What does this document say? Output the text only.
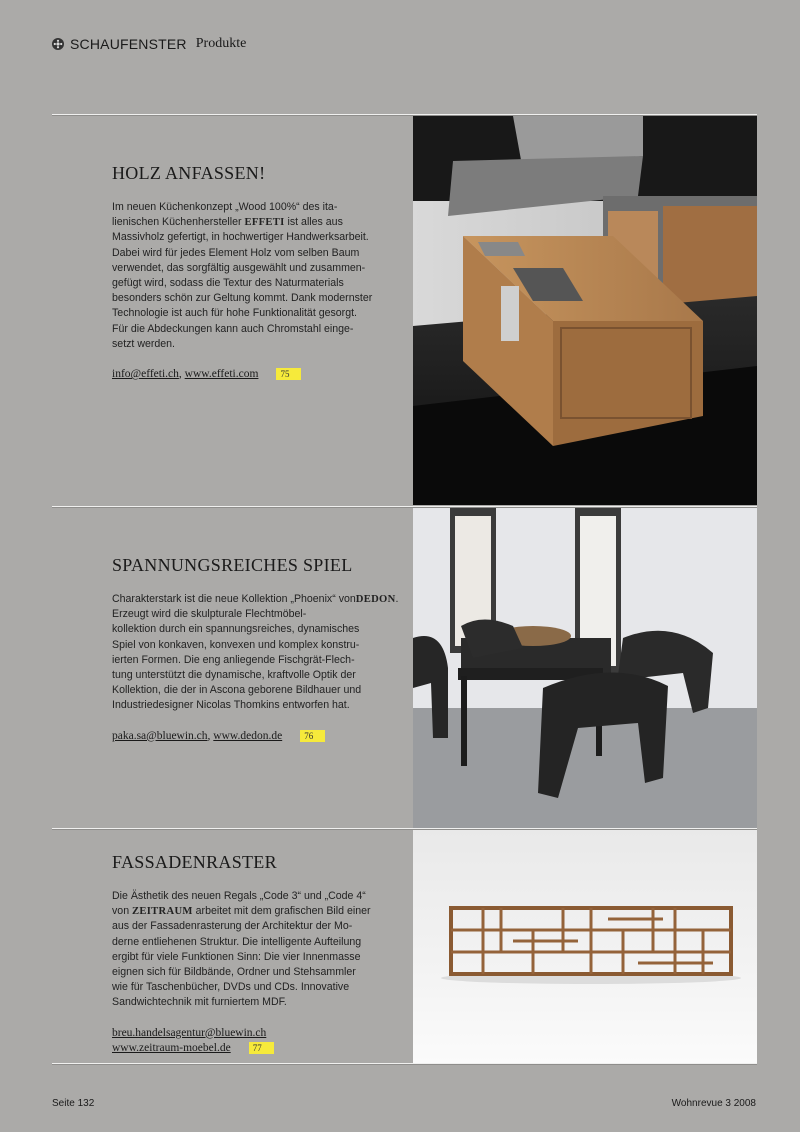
SCHAUFENSTER Produkte
HOLZ ANFASSEN!

Im neuen Küchenkonzept „Wood 100%“ des ita-
lienischen Küchenhersteller EFFETI ist alles aus
Massivholz gefertigt, in hochwertiger Handwerksarbeit.
Dabei wird für jedes Element Holz vom selben Baum
verwendet, das sorgfältig ausgewählt und zusammen-
gefügt wird, sodass die Textur des Naturmaterials
besonders schön zur Geltung kommt. Dank modernster
Technologie ist auch für hohe Funktionalität gesorgt.
Für die Abdeckungen kann auch Chromstahl einge-
setzt werden.

info@effeti.ch, www.effeti.com 75
SPANNUNGSREICHES SPIEL

Charakterstark ist die neue Kollektion „Phoenix“ vonDEDON. Erzeugt wird die skulpturale Flechtmöbel-
kollektion durch ein spannungsreiches, dynamisches
Spiel von konkaven, konvexen und komplex konstru-
ierten Formen. Die eng anliegende Fischgrät-Flech-
tung unterstützt die dynamische, kraftvolle Optik der
Kollektion, die der in Ascona geborene Bildhauer und
Industriedesigner Nicolas Thomkins entworfen hat.

paka.sa@bluewin.ch, www.dedon.de 76
FASSADENRASTER

Die Ästhetik des neuen Regals „Code 3“ und „Code 4“
von ZEITRAUM arbeitet mit dem grafischen Bild einer
aus der Fassadenrasterung der Architektur der Mo-
derne entliehenen Struktur. Die intelligente Aufteilung
ergibt für viele Funktionen Sinn: Die vier Innenmasse
eignen sich für Bildbände, Ordner und Stehsammler
wie für Taschenbücher, DVDs und CDs. Innovative
Sandwichtechnik mit furniertem MDF.

breu.handelsagentur@bluewin.ch
www.zeitraum-moebel.de 77
Seite 132	Wohnrevue 3 2008
